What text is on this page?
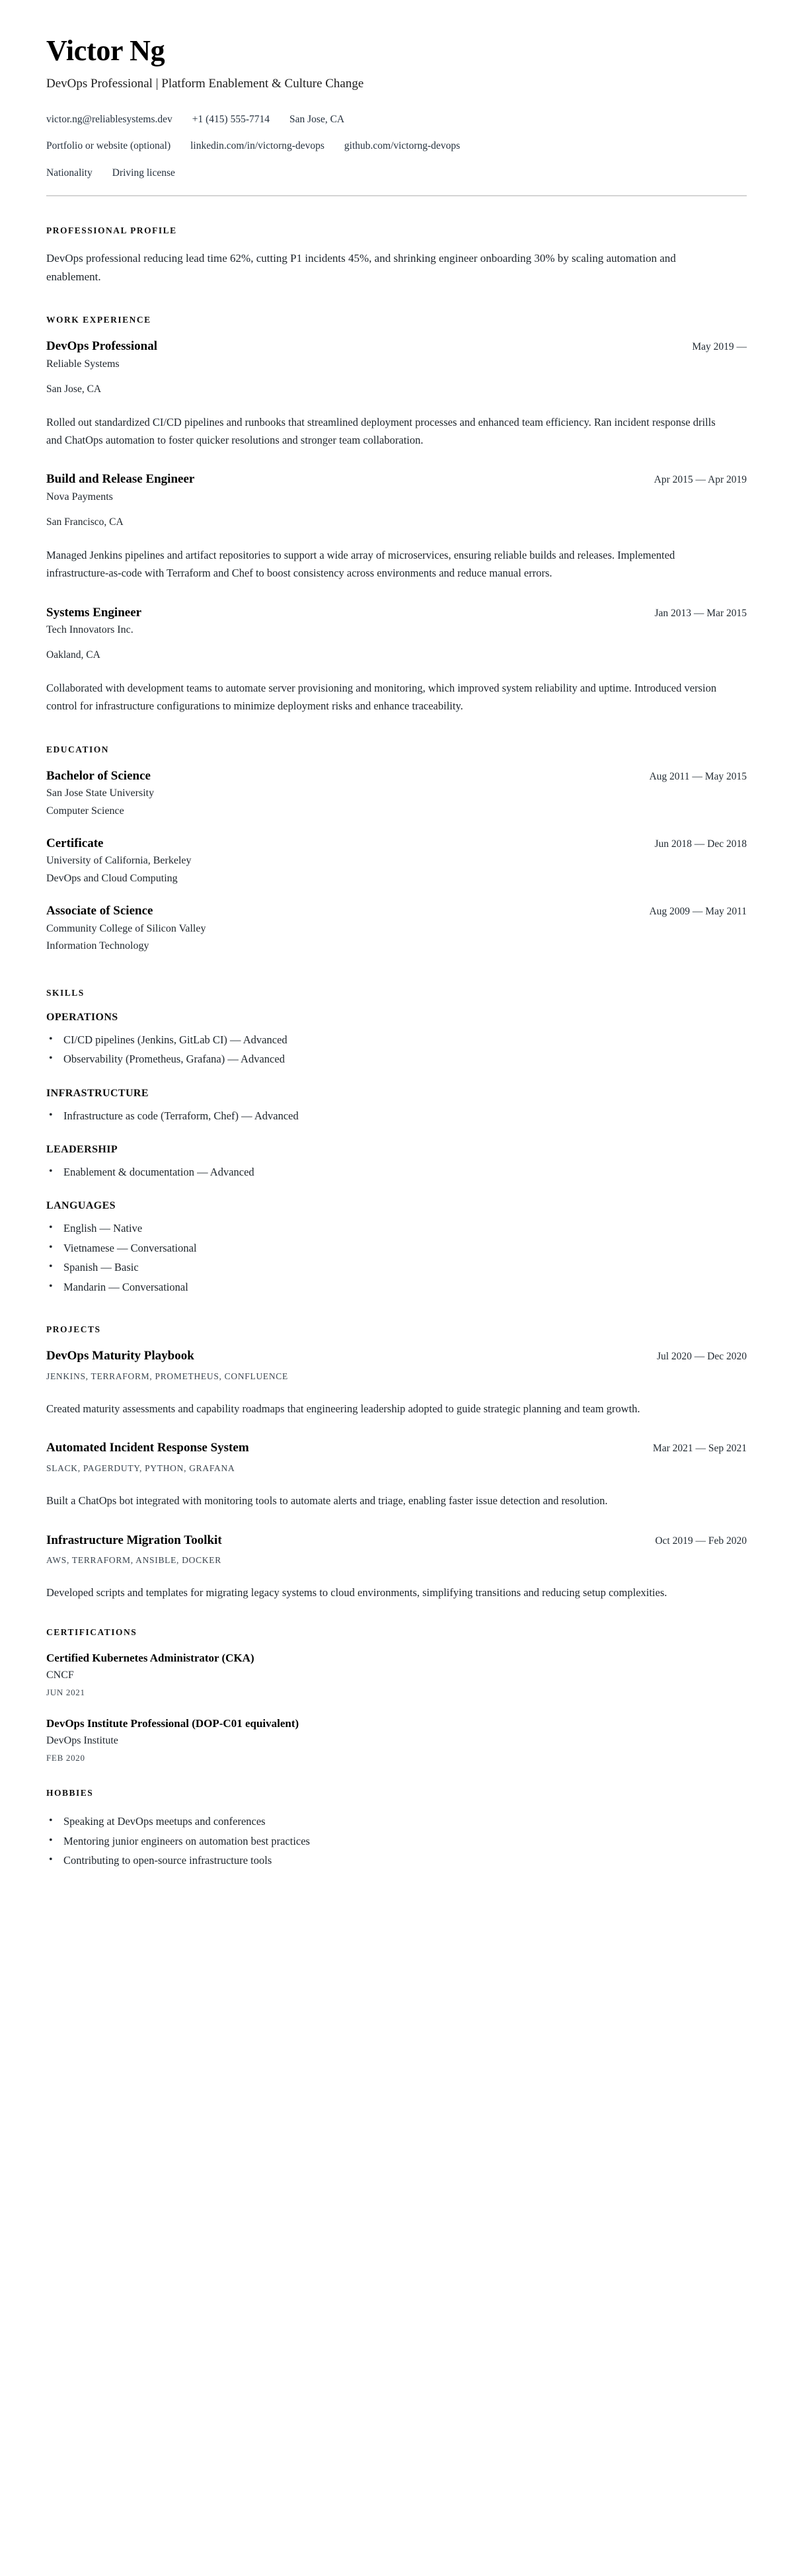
Victor Ng
DevOps Professional | Platform Enablement & Culture Change
victor.ng@reliablesystems.dev +1 (415) 555-7714 San Jose, CA
Portfolio or website (optional) linkedin.com/in/victorng-devops github.com/victorng-devops
Nationality Driving license
PROFESSIONAL PROFILE

DevOps professional reducing lead time 62%, cutting P1 incidents 45%, and shrinking engineer onboarding 30% by scaling automation and enablement.

WORK EXPERIENCE
DevOps Professional	May 2019 —
Reliable Systems
San Jose, CA

Rolled out standardized CI/CD pipelines and runbooks that streamlined deployment processes and enhanced team efficiency. Ran incident response drills and ChatOps automation to foster quicker resolutions and stronger team collaboration.

Build and Release Engineer	Apr 2015 — Apr 2019
Nova Payments
San Francisco, CA

Managed Jenkins pipelines and artifact repositories to support a wide array of microservices, ensuring reliable builds and releases. Implemented infrastructure-as-code with Terraform and Chef to boost consistency across environments and reduce manual errors.

Systems Engineer	Jan 2013 — Mar 2015
Tech Innovators Inc.
Oakland, CA

Collaborated with development teams to automate server provisioning and monitoring, which improved system reliability and uptime. Introduced version control for infrastructure configurations to minimize deployment risks and enhance traceability.

EDUCATION
Bachelor of Science	Aug 2011 — May 2015
San Jose State University
Computer Science
Certificate	Jun 2018 — Dec 2018
University of California, Berkeley
DevOps and Cloud Computing
Associate of Science	Aug 2009 — May 2011
Community College of Silicon Valley
Information Technology
SKILLS
OPERATIONS
• CI/CD pipelines (Jenkins, GitLab CI) — Advanced
• Observability (Prometheus, Grafana) — Advanced
INFRASTRUCTURE
• Infrastructure as code (Terraform, Chef) — Advanced
LEADERSHIP
• Enablement & documentation — Advanced
LANGUAGES
• English — Native
• Vietnamese — Conversational
• Spanish — Basic
• Mandarin — Conversational
PROJECTS
DevOps Maturity Playbook	Jul 2020 — Dec 2020
JENKINS, TERRAFORM, PROMETHEUS, CONFLUENCE

Created maturity assessments and capability roadmaps that engineering leadership adopted to guide strategic planning and team growth.

Automated Incident Response System	Mar 2021 — Sep 2021
SLACK, PAGERDUTY, PYTHON, GRAFANA

Built a ChatOps bot integrated with monitoring tools to automate alerts and triage, enabling faster issue detection and resolution.

Infrastructure Migration Toolkit	Oct 2019 — Feb 2020
AWS, TERRAFORM, ANSIBLE, DOCKER

Developed scripts and templates for migrating legacy systems to cloud environments, simplifying transitions and reducing setup complexities.

CERTIFICATIONS
Certified Kubernetes Administrator (CKA)
CNCF
JUN 2021
DevOps Institute Professional (DOP-C01 equivalent)
DevOps Institute
FEB 2020
HOBBIES
• Speaking at DevOps meetups and conferences
• Mentoring junior engineers on automation best practices
• Contributing to open-source infrastructure tools
